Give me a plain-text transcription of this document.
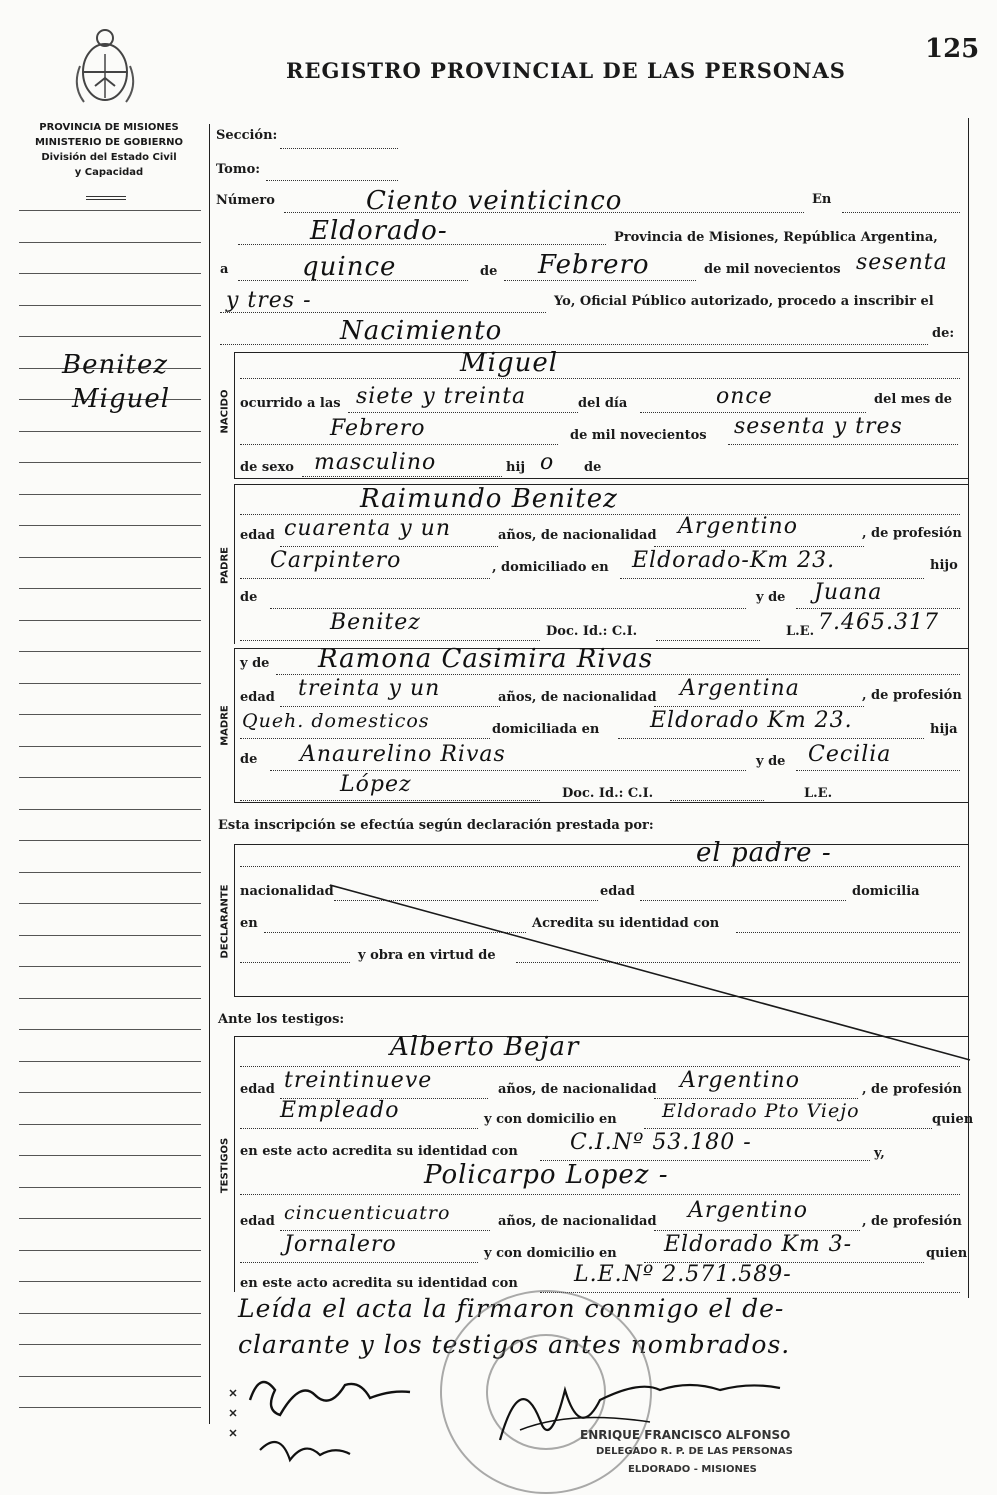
REGISTRO PROVINCIAL DE LAS PERSONAS
125
PROVINCIA DE MISIONES
MINISTERIO DE GOBIERNO
División del Estado Civil
y Capacidad
Benitez
Miguel	NACIDO
PADRE
MADRE
DECLARANTE
TESTIGOS
Sección:
Tomo:
Número	Ciento veinticinco	En
Eldorado-	Provincia de Misiones, República Argentina,
a	quince	de Febrero	de mil novecientos sesenta
y tres -	Yo, Oficial Público autorizado, procedo a inscribir el
Nacimiento	de:
Miguel
ocurrido a las siete y treinta	del día	once	del mes de
Febrero	de mil novecientos sesenta y tres
de sexo masculino	hij o de
Raimundo Benitez
edad cuarenta y un	años, de nacionalidad Argentino	, de profesión
Carpintero	, domiciliado en Eldorado-Km 23.	hijo
de	y de Juana
Benitez	Doc. Id.: C.I.	L.E. 7.465.317
y de Ramona Casimira Rivas
edad treinta y un	años, de nacionalidad Argentina	, de profesión
Queh. domesticos	domiciliada en Eldorado Km 23.	hija
de Anaurelino Rivas	y de Cecilia
López	Doc. Id.: C.I.	L.E.
Esta inscripción se efectúa según declaración prestada por:
el padre -
nacionalidad	edad	domicilia
en	Acredita su identidad con
y obra en virtud de
Ante los testigos:
Alberto Bejar
edad treintinueve	años, de nacionalidad Argentino	, de profesión
Empleado	y con domicilio en Eldorado Pto Viejo	quien
en este acto acredita su identidad con C.I.Nº 53.180 -	y,
Policarpo Lopez -
edad cincuenticuatro	años, de nacionalidad Argentino	, de profesión
Jornalero	y con domicilio en Eldorado Km 3-	quien
en este acto acredita su identidad con	L.E.Nº 2.571.589-
Leída el acta la firmaron conmigo el de-
clarante y los testigos antes nombrados.
ENRIQUE FRANCISCO ALFONSO
DELEGADO R. P. DE LAS PERSONAS
ELDORADO - MISIONES
